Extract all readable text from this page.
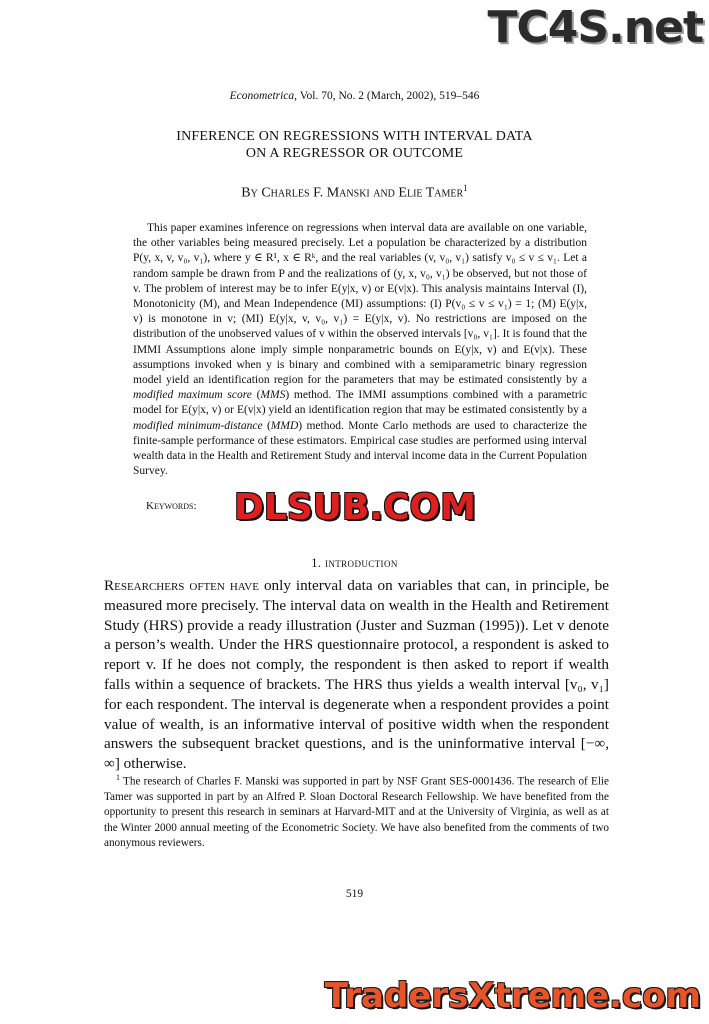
TC4S.net
Econometrica, Vol. 70, No. 2 (March, 2002), 519–546
INFERENCE ON REGRESSIONS WITH INTERVAL DATA
ON A REGRESSOR OR OUTCOME
By Charles F. Manski and Elie Tamer$^1$

This paper examines inference on regressions when interval data are available on one variable, the other variables being measured precisely. Let a population be characterized by a distribution P(y, x, v, v₀, v₁), where y ∈ R¹, x ∈ Rᵏ, and the real variables (v, v₀, v₁) satisfy v₀ ≤ v ≤ v₁. Let a random sample be drawn from P and the realizations of (y, x, v₀, v₁) be observed, but not those of v. The problem of interest may be to infer E(y|x, v) or E(v|x). This analysis maintains Interval (I), Monotonicity (M), and Mean Independence (MI) assumptions: (I) P(v₀ ≤ v ≤ v₁) = 1; (M) E(y|x, v) is monotone in v; (MI) E(y|x, v, v₀, v₁) = E(y|x, v). No restrictions are imposed on the distribution of the unobserved values of v within the observed intervals [v₀, v₁]. It is found that the IMMI Assumptions alone imply simple nonparametric bounds on E(y|x, v) and E(v|x). These assumptions invoked when y is binary and combined with a semiparametric binary regression model yield an identification region for the parameters that may be estimated consistently by a modified maximum score (MMS) method. The IMMI assumptions combined with a parametric model for E(y|x, v) or E(v|x) yield an identification region that may be estimated consistently by a modified minimum-distance (MMD) method. Monte Carlo methods are used to characterize the finite-sample performance of these estimators. Empirical case studies are performed using interval wealth data in the Health and Retirement Study and interval income data in the Current Population Survey.

Keywords:	DLSUB.COM
1. introduction

Researchers often have only interval data on variables that can, in principle, be measured more precisely. The interval data on wealth in the Health and Retirement Study (HRS) provide a ready illustration (Juster and Suzman (1995)). Let v denote a person’s wealth. Under the HRS questionnaire protocol, a respondent is asked to report v. If he does not comply, the respondent is then asked to report if wealth falls within a sequence of brackets. The HRS thus yields a wealth interval [v₀, v₁] for each respondent. The interval is degenerate when a respondent provides a point value of wealth, is an informative interval of positive width when the respondent answers the subsequent bracket questions, and is the uninformative interval [−∞, ∞] otherwise.

$^1$ The research of Charles F. Manski was supported in part by NSF Grant SES-0001436. The research of Elie Tamer was supported in part by an Alfred P. Sloan Doctoral Research Fellowship. We have benefited from the opportunity to present this research in seminars at Harvard-MIT and at the University of Virginia, as well as at the Winter 2000 annual meeting of the Econometric Society. We have also benefited from the comments of two anonymous reviewers.

519
TradersXtreme.com
